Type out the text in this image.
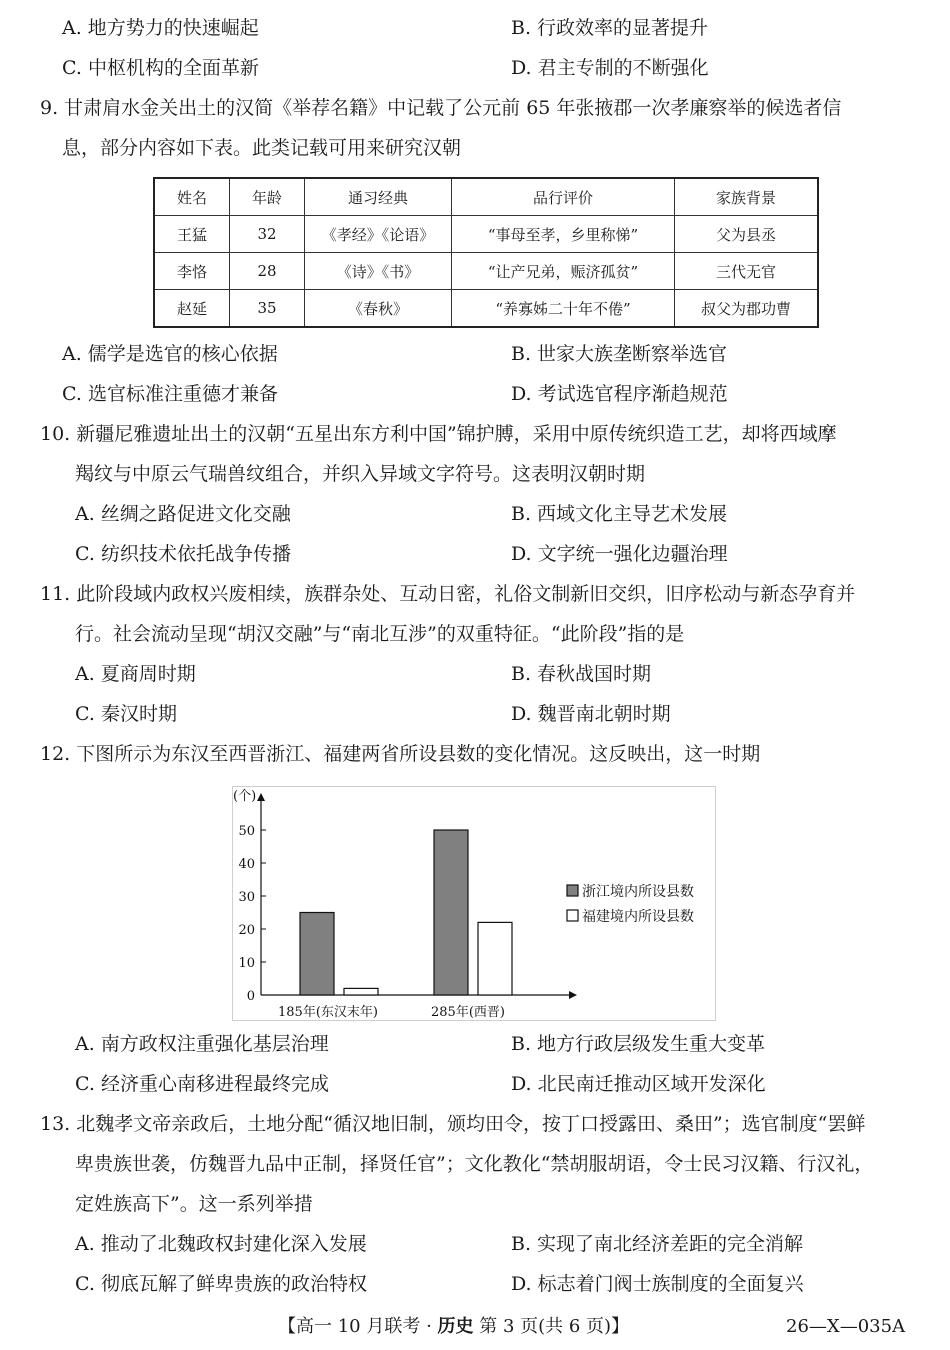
A. 地方势力的快速崛起	B. 行政效率的显著提升
C. 中枢机构的全面革新	D. 君主专制的不断强化
9. 甘肃肩水金关出土的汉简《举荐名籍》中记载了公元前 65 年张掖郡一次孝廉察举的候选者信
息，部分内容如下表。此类记载可用来研究汉朝
姓名	年龄	通习经典	品行评价	家族背景
王猛	32	《孝经》《论语》	“事母至孝，乡里称悌”	父为县丞
李恪	28	《诗》《书》	“让产兄弟，赈济孤贫”	三代无官
赵延	35	《春秋》	“养寡姊二十年不倦”	叔父为郡功曹
A. 儒学是选官的核心依据	B. 世家大族垄断察举选官
C. 选官标准注重德才兼备	D. 考试选官程序渐趋规范
10. 新疆尼雅遗址出土的汉朝“五星出东方利中国”锦护膊，采用中原传统织造工艺，却将西域摩
羯纹与中原云气瑞兽纹组合，并织入异域文字符号。这表明汉朝时期
A. 丝绸之路促进文化交融	B. 西域文化主导艺术发展
C. 纺织技术依托战争传播	D. 文字统一强化边疆治理
11. 此阶段域内政权兴废相续，族群杂处、互动日密，礼俗文制新旧交织，旧序松动与新态孕育并
行。社会流动呈现“胡汉交融”与“南北互涉”的双重特征。“此阶段”指的是
A. 夏商周时期	B. 春秋战国时期
C. 秦汉时期	D. 魏晋南北朝时期
12. 下图所示为东汉至西晋浙江、福建两省所设县数的变化情况。这反映出，这一时期
(个)
0
10
20
30
40
50
185年(东汉末年)	285年(西晋)
浙江境内所设县数
福建境内所设县数
A. 南方政权注重强化基层治理	B. 地方行政层级发生重大变革
C. 经济重心南移进程最终完成	D. 北民南迁推动区域开发深化
13. 北魏孝文帝亲政后，土地分配“循汉地旧制，颁均田令，按丁口授露田、桑田”；选官制度“罢鲜
卑贵族世袭，仿魏晋九品中正制，择贤任官”；文化教化“禁胡服胡语，令士民习汉籍、行汉礼，
定姓族高下”。这一系列举措
A. 推动了北魏政权封建化深入发展	B. 实现了南北经济差距的完全消解
C. 彻底瓦解了鲜卑贵族的政治特权	D. 标志着门阀士族制度的全面复兴
【高一 10 月联考 · 历史 第 3 页(共 6 页)】	26—X—035A
